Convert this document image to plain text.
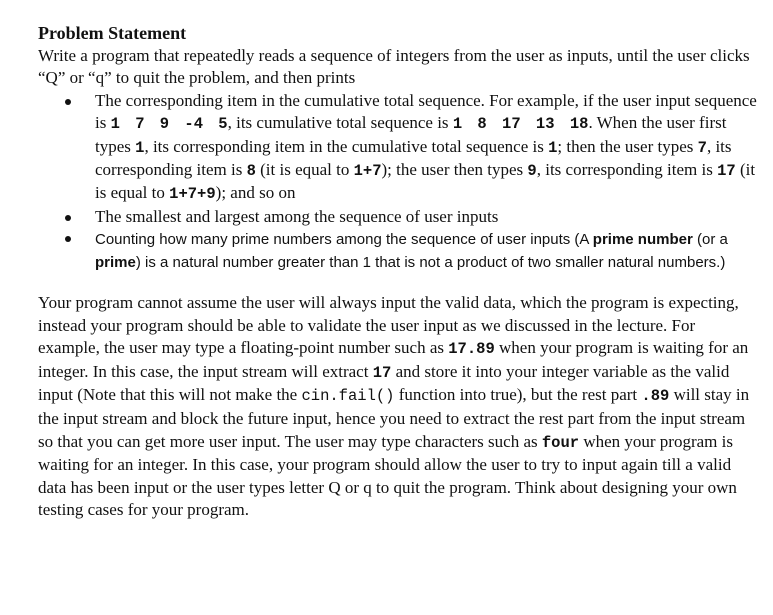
Problem Statement

Write a program that repeatedly reads a sequence of integers from the user as inputs, until the user clicks “Q” or “q” to quit the problem, and then prints

The corresponding item in the cumulative total sequence. For example, if the user input sequence is 1 7 9 -4 5, its cumulative total sequence is 1 8 17 13 18. When the user first types 1, its corresponding item in the cumulative total sequence is 1; then the user types 7, its corresponding item is 8 (it is equal to 1+7); the user then types 9, its corresponding item is 17 (it is equal to 1+7+9); and so on
The smallest and largest among the sequence of user inputs
Counting how many prime numbers among the sequence of user inputs (A prime number (or a prime) is a natural number greater than 1 that is not a product of two smaller natural numbers.)

Your program cannot assume the user will always input the valid data, which the program is expecting, instead your program should be able to validate the user input as we discussed in the lecture. For example, the user may type a floating-point number such as 17.89 when your program is waiting for an integer. In this case, the input stream will extract 17 and store it into your integer variable as the valid input (Note that this will not make the cin.fail() function into true), but the rest part .89 will stay in the input stream and block the future input, hence you need to extract the rest part from the input stream so that you can get more user input. The user may type characters such as four when your program is waiting for an integer. In this case, your program should allow the user to try to input again till a valid data has been input or the user types letter Q or q to quit the program. Think about designing your own testing cases for your program.
